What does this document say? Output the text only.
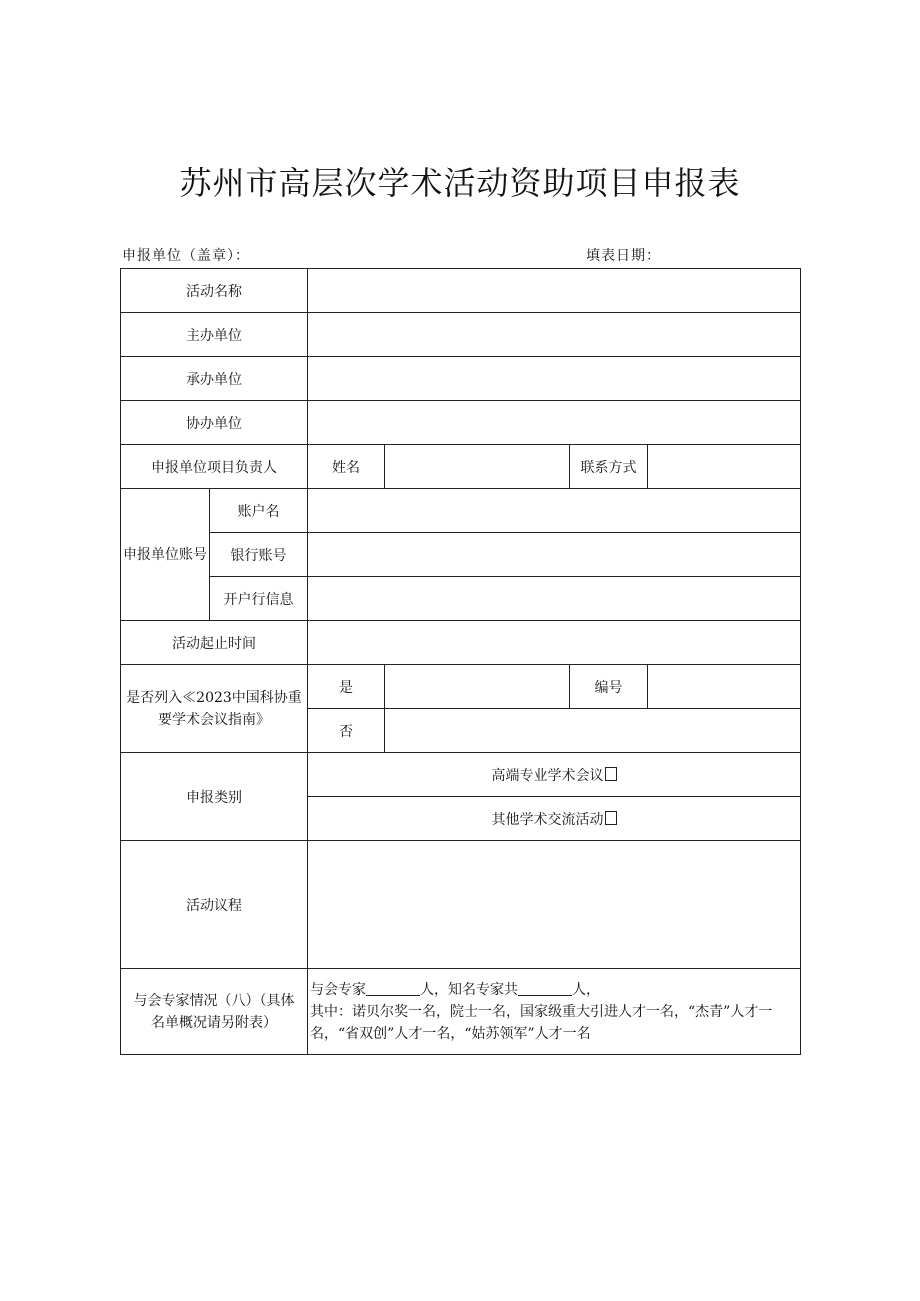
苏州市高层次学术活动资助项目申报表
申报单位（盖章）：	填表日期：
活动名称					
主办单位					
承办单位					
协办单位					
申报单位项目负责人		姓名		联系方式	
申报单位账号	账户名				
	银行账号				
	开户行信息				
活动起止时间					
是否列入≪2023中国科协重要学术会议指南》		是		编号	
		否			
申报类别		高端专业学术会议			
		其他学术交流活动			
活动议程					
与会专家情况（八）（具体名单概况请另附表）		与会专家 人，知名专家共 人，
其中：诺贝尔奖一名，院士一名，国家级重大引进人才一名，“杰青”人才一名，“省双创”人才一名，“姑苏领军”人才一名			
